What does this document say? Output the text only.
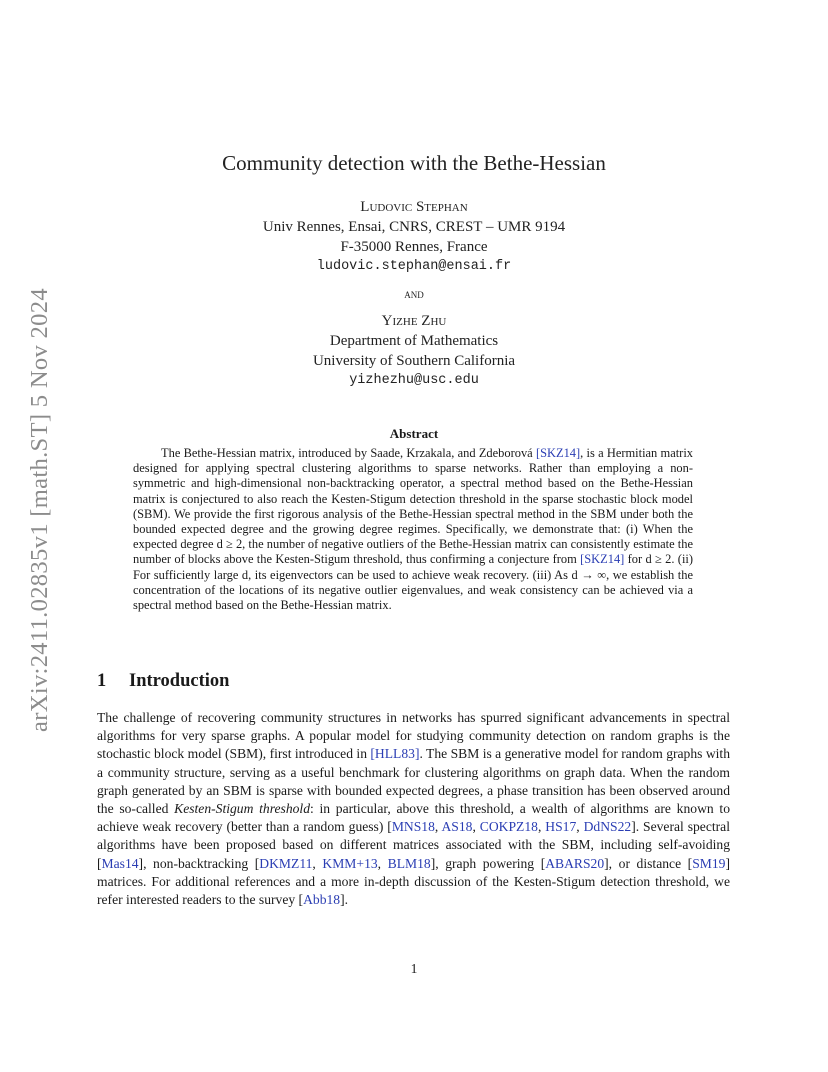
arXiv:2411.02835v1 [math.ST] 5 Nov 2024
Community detection with the Bethe-Hessian
Ludovic Stephan
Univ Rennes, Ensai, CNRS, CREST – UMR 9194
F-35000 Rennes, France
ludovic.stephan@ensai.fr
and
Yizhe Zhu
Department of Mathematics
University of Southern California
yizhezhu@usc.edu
Abstract

The Bethe-Hessian matrix, introduced by Saade, Krzakala, and Zdeborová [SKZ14], is a Hermitian matrix designed for applying spectral clustering algorithms to sparse networks. Rather than employing a non-symmetric and high-dimensional non-backtracking operator, a spectral method based on the Bethe-Hessian matrix is conjectured to also reach the Kesten-Stigum detection threshold in the sparse stochastic block model (SBM). We provide the first rigorous analysis of the Bethe-Hessian spectral method in the SBM under both the bounded expected degree and the growing degree regimes. Specifically, we demonstrate that: (i) When the expected degree d ≥ 2, the number of negative outliers of the Bethe-Hessian matrix can consistently estimate the number of blocks above the Kesten-Stigum threshold, thus confirming a conjecture from [SKZ14] for d ≥ 2. (ii) For sufficiently large d, its eigenvectors can be used to achieve weak recovery. (iii) As d → ∞, we establish the concentration of the locations of its negative outlier eigenvalues, and weak consistency can be achieved via a spectral method based on the Bethe-Hessian matrix.

1 Introduction

The challenge of recovering community structures in networks has spurred significant advancements in spectral algorithms for very sparse graphs. A popular model for studying community detection on random graphs is the stochastic block model (SBM), first introduced in [HLL83]. The SBM is a generative model for random graphs with a community structure, serving as a useful benchmark for clustering algorithms on graph data. When the random graph generated by an SBM is sparse with bounded expected degrees, a phase transition has been observed around the so-called Kesten-Stigum threshold: in particular, above this threshold, a wealth of algorithms are known to achieve weak recovery (better than a random guess) [MNS18, AS18, COKPZ18, HS17, DdNS22]. Several spectral algorithms have been proposed based on different matrices associated with the SBM, including self-avoiding [Mas14], non-backtracking [DKMZ11, KMM+13, BLM18], graph powering [ABARS20], or distance [SM19] matrices. For additional references and a more in-depth discussion of the Kesten-Stigum detection threshold, we refer interested readers to the survey [Abb18].

1
